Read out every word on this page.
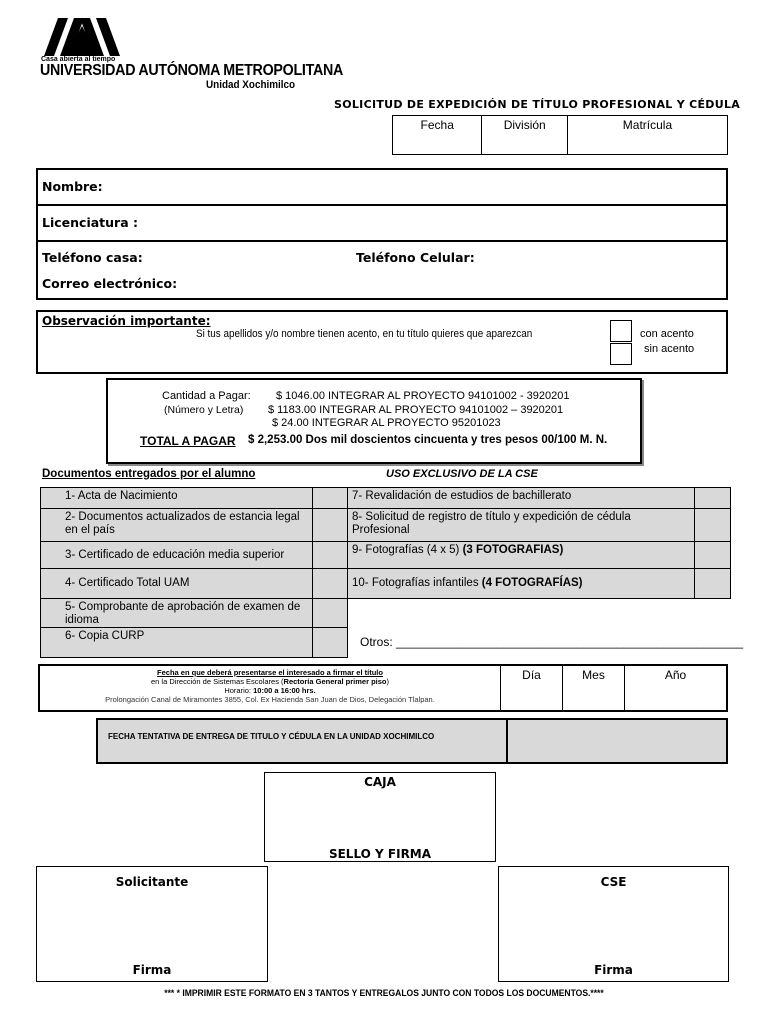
Casa abierta al tiempo
UNIVERSIDAD AUTÓNOMA METROPOLITANA
Unidad Xochimilco
SOLICITUD DE EXPEDICIÓN DE TÍTULO PROFESIONAL Y CÉDULA
Fecha	División	Matrícula
Nombre:
Licenciatura :
Teléfono casa:	Teléfono Celular:
Correo electrónico:
Observación importante:
Si tus apellidos y/o nombre tienen acento, en tu título quieres que aparezcan	con acento
sin acento
Cantidad a Pagar:
(Número y Letra)
$ 1046.00 INTEGRAR AL PROYECTO 94101002 - 3920201
$ 1183.00 INTEGRAR AL PROYECTO 94101002 – 3920201
$ 24.00 INTEGRAR AL PROYECTO 95201023
TOTAL A PAGAR $ 2,253.00 Dos mil doscientos cincuenta y tres pesos 00/100 M. N.
Documentos entregados por el alumno	USO EXCLUSIVO DE LA CSE
1- Acta de Nacimiento
2- Documentos actualizados de estancia legal en el país
3- Certificado de educación media superior
4- Certificado Total UAM
5- Comprobante de aprobación de examen de idioma
6- Copia CURP
7- Revalidación de estudios de bachillerato
8- Solicitud de registro de título y expedición de cédula Profesional
9- Fotografías (4 x 5) (3 FOTOGRAFIAS)
10- Fotografías infantiles (4 FOTOGRAFÍAS)
Otros: ____________________________________________________
Fecha en que deberá presentarse el interesado a firmar el título
en la Dirección de Sistemas Escolares (Rectoría General primer piso)
Horario: 10:00 a 16:00 hrs.
Prolongación Canal de Miramontes 3855, Col. Ex Hacienda San Juan de Dios, Delegación Tlalpan.
Día	Mes	Año
FECHA TENTATIVA DE ENTREGA DE TITULO Y CÉDULA EN LA UNIDAD XOCHIMILCO
CAJA
SELLO Y FIRMA
Solicitante
Firma
CSE
Firma
*** * IMPRIMIR ESTE FORMATO EN 3 TANTOS Y ENTREGALOS JUNTO CON TODOS LOS DOCUMENTOS.****
